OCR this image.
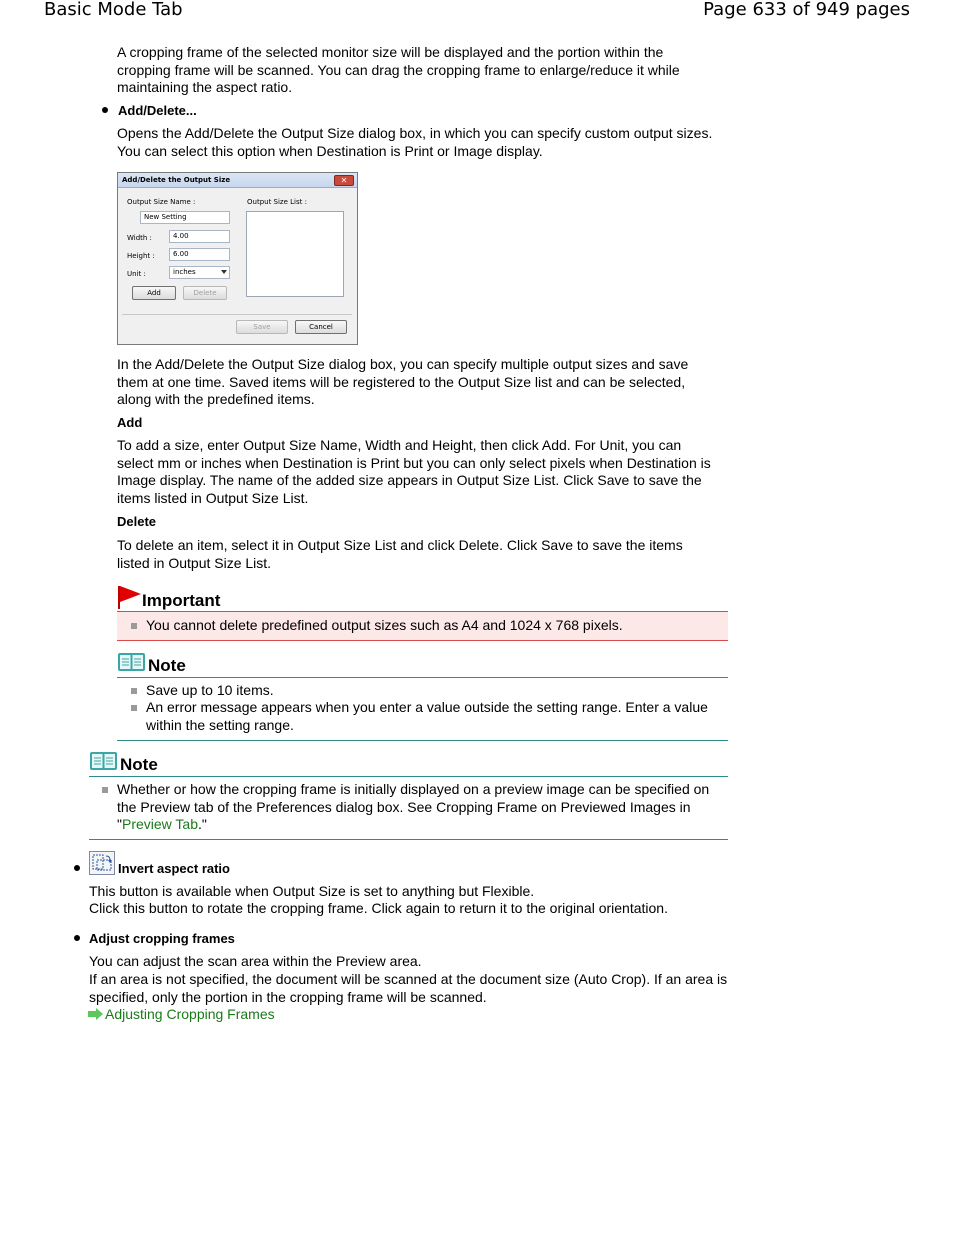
Basic Mode Tab	Page 633 of 949 pages

A cropping frame of the selected monitor size will be displayed and the portion within the cropping frame will be scanned. You can drag the cropping frame to enlarge/reduce it while maintaining the aspect ratio.

Add/Delete...

Opens the Add/Delete the Output Size dialog box, in which you can specify custom output sizes. You can select this option when Destination is Print or Image display.

Add/Delete the Output Size	✕
Output Size Name :	Output Size List :
New Setting
Width :	4.00
Height :	6.00
Unit :	inches
Add	Delete
Save	Cancel

In the Add/Delete the Output Size dialog box, you can specify multiple output sizes and save them at one time. Saved items will be registered to the Output Size list and can be selected, along with the predefined items.

Add

To add a size, enter Output Size Name, Width and Height, then click Add. For Unit, you can select mm or inches when Destination is Print but you can only select pixels when Destination is Image display. The name of the added size appears in Output Size List. Click Save to save the items listed in Output Size List.

Delete

To delete an item, select it in Output Size List and click Delete. Click Save to save the items listed in Output Size List.

Important

You cannot delete predefined output sizes such as A4 and 1024 x 768 pixels.

Note

Save up to 10 items.

An error message appears when you enter a value outside the setting range. Enter a value within the setting range.

Note

Whether or how the cropping frame is initially displayed on a preview image can be specified on the Preview tab of the Preferences dialog box. See Cropping Frame on Previewed Images in "Preview Tab."

Invert aspect ratio

This button is available when Output Size is set to anything but Flexible.

Click this button to rotate the cropping frame. Click again to return it to the original orientation.

Adjust cropping frames

You can adjust the scan area within the Preview area.

If an area is not specified, the document will be scanned at the document size (Auto Crop). If an area is specified, only the portion in the cropping frame will be scanned.

Adjusting Cropping Frames
